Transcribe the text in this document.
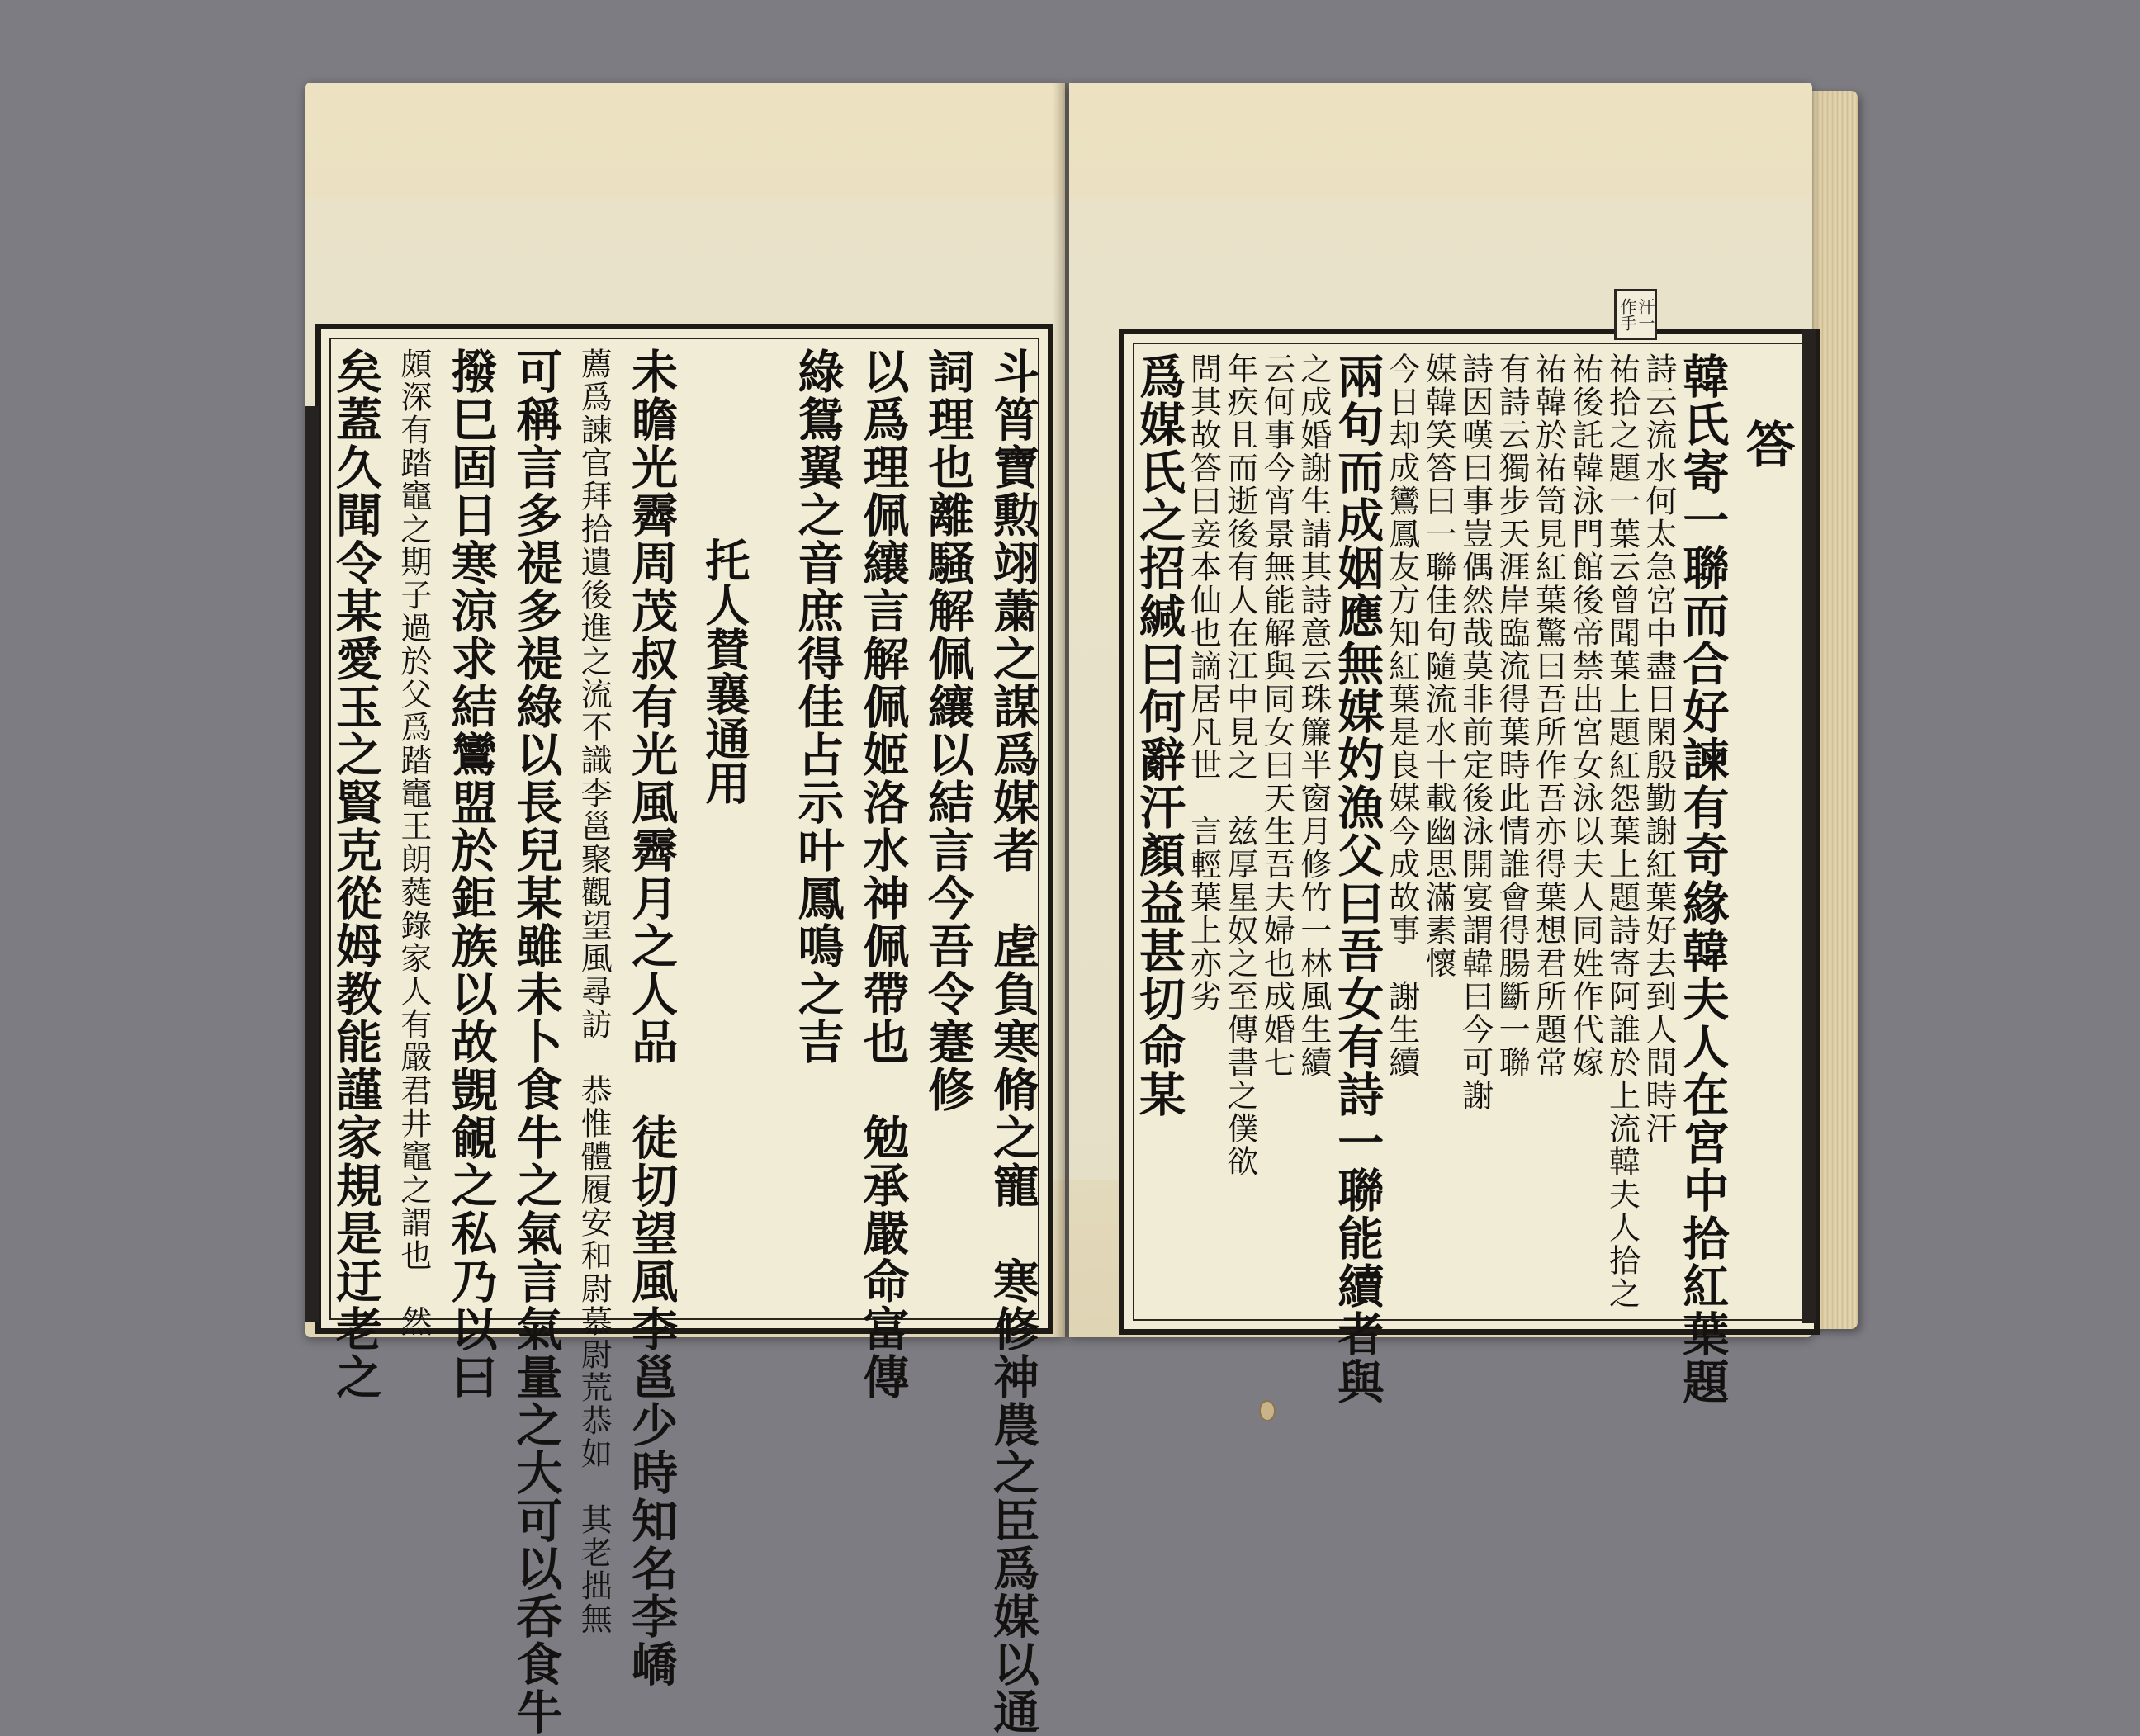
斗筲寶勲翊䔥之謀爲媒者　虗負寒脩之寵　寒修神農之臣爲媒以通
詞理也離騒解佩纕以結言今吾令蹇修
以爲理佩纕言解佩姬洛水神佩帶也　勉承嚴命富傳
綠鴛翼之音庶得佳占示叶鳳鳴之吉
托人賛襄通用
未瞻光霽周茂叔有光風霽月之人品　徒切望風李邕少時知名李嶠
薦爲諫官拜拾遺後進之流不識李邕聚觀望風尋訪　恭惟體履安和尉慕尉荒恭如　其老拙無
可稱言多禔多禔綠以長兒某雖未卜食牛之氣言氣量之大可以呑食牛
撥巳固日寒涼求結鸞盟於鉅族以故覬覦之私乃以曰
頗深有踏竈之期子過於父爲踏竈王朗蕤錄家人有嚴君井竈之謂也　然
矣蓋久聞令某愛玉之賢克從姆教能謹家規是迂老之	答
韓氏寄一聯而合好諫有奇緣韓夫人在宮中拾紅葉題
詩云流水何太急宮中盡日閑殷勤謝紅葉好去到人間時汗
祐拾之題一葉云曾聞葉上題紅怨葉上題詩寄阿誰於上流韓夫人拾之
祐後託韓泳門館後帝禁出宮女泳以夫人同姓作代嫁
祐韓於祐笥見紅葉驚曰吾所作吾亦得葉想君所題常
有詩云獨步天涯岸臨流得葉時此情誰會得腸斷一聯
詩因嘆曰事豈偶然哉莫非前定後泳開宴謂韓曰今可謝
媒韓笑答曰一聯佳句隨流水十載幽思滿素懷
今日却成鸞鳳友方知紅葉是良媒今成故事　謝生續
兩句而成姻應無媒妁漁父曰吾女有詩一聯能續者與
之成婚謝生請其詩意云珠簾半窗月修竹一林風生續
云何事今宵景無能解與同女曰天生吾夫婦也成婚七
年疾且而逝後有人在江中見之　兹厚星奴之至傳書之僕欲
問其故答曰妾本仙也謫居凡世　言輕葉上亦劣
爲媒氏之招緘曰何辭汗顏益甚切命某
汗一作手
